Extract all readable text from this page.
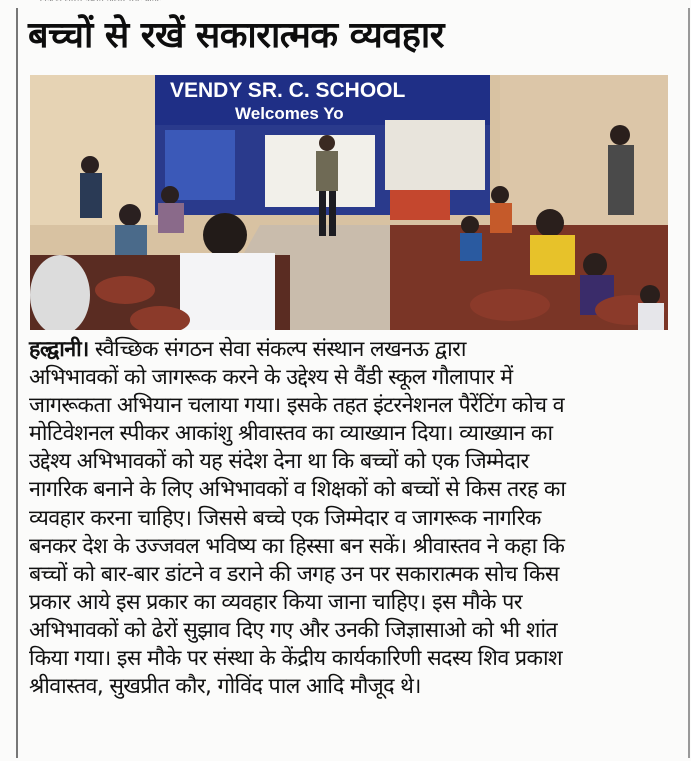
बच्चों से रखें सकारात्मक व्यवहार
VENDY SR. C. SCHOOL
Welcomes Yo
हल्द्वानी। स्वैच्छिक संगठन सेवा संकल्प संस्थान लखनऊ द्वारा
अभिभावकों को जागरूक करने के उद्देश्य से वैंडी स्कूल गौलापार में
जागरूकता अभियान चलाया गया। इसके तहत इंटरनेशनल पैरेंटिंग कोच व
मोटिवेशनल स्पीकर आकांशु श्रीवास्तव का व्याख्यान दिया। व्याख्यान का
उद्देश्य अभिभावकों को यह संदेश देना था कि बच्चों को एक जिम्मेदार
नागरिक बनाने के लिए अभिभावकों व शिक्षकों को बच्चों से किस तरह का
व्यवहार करना चाहिए। जिससे बच्चे एक जिम्मेदार व जागरूक नागरिक
बनकर देश के उज्जवल भविष्य का हिस्सा बन सकें। श्रीवास्तव ने कहा कि
बच्चों को बार-बार डांटने व डराने की जगह उन पर सकारात्मक सोच किस
प्रकार आये इस प्रकार का व्यवहार किया जाना चाहिए। इस मौके पर
अभिभावकों को ढेरों सुझाव दिए गए और उनकी जिज्ञासाओ को भी शांत
किया गया। इस मौके पर संस्था के केंद्रीय कार्यकारिणी सदस्य शिव प्रकाश
श्रीवास्तव, सुखप्रीत कौर, गोविंद पाल आदि मौजूद थे।
